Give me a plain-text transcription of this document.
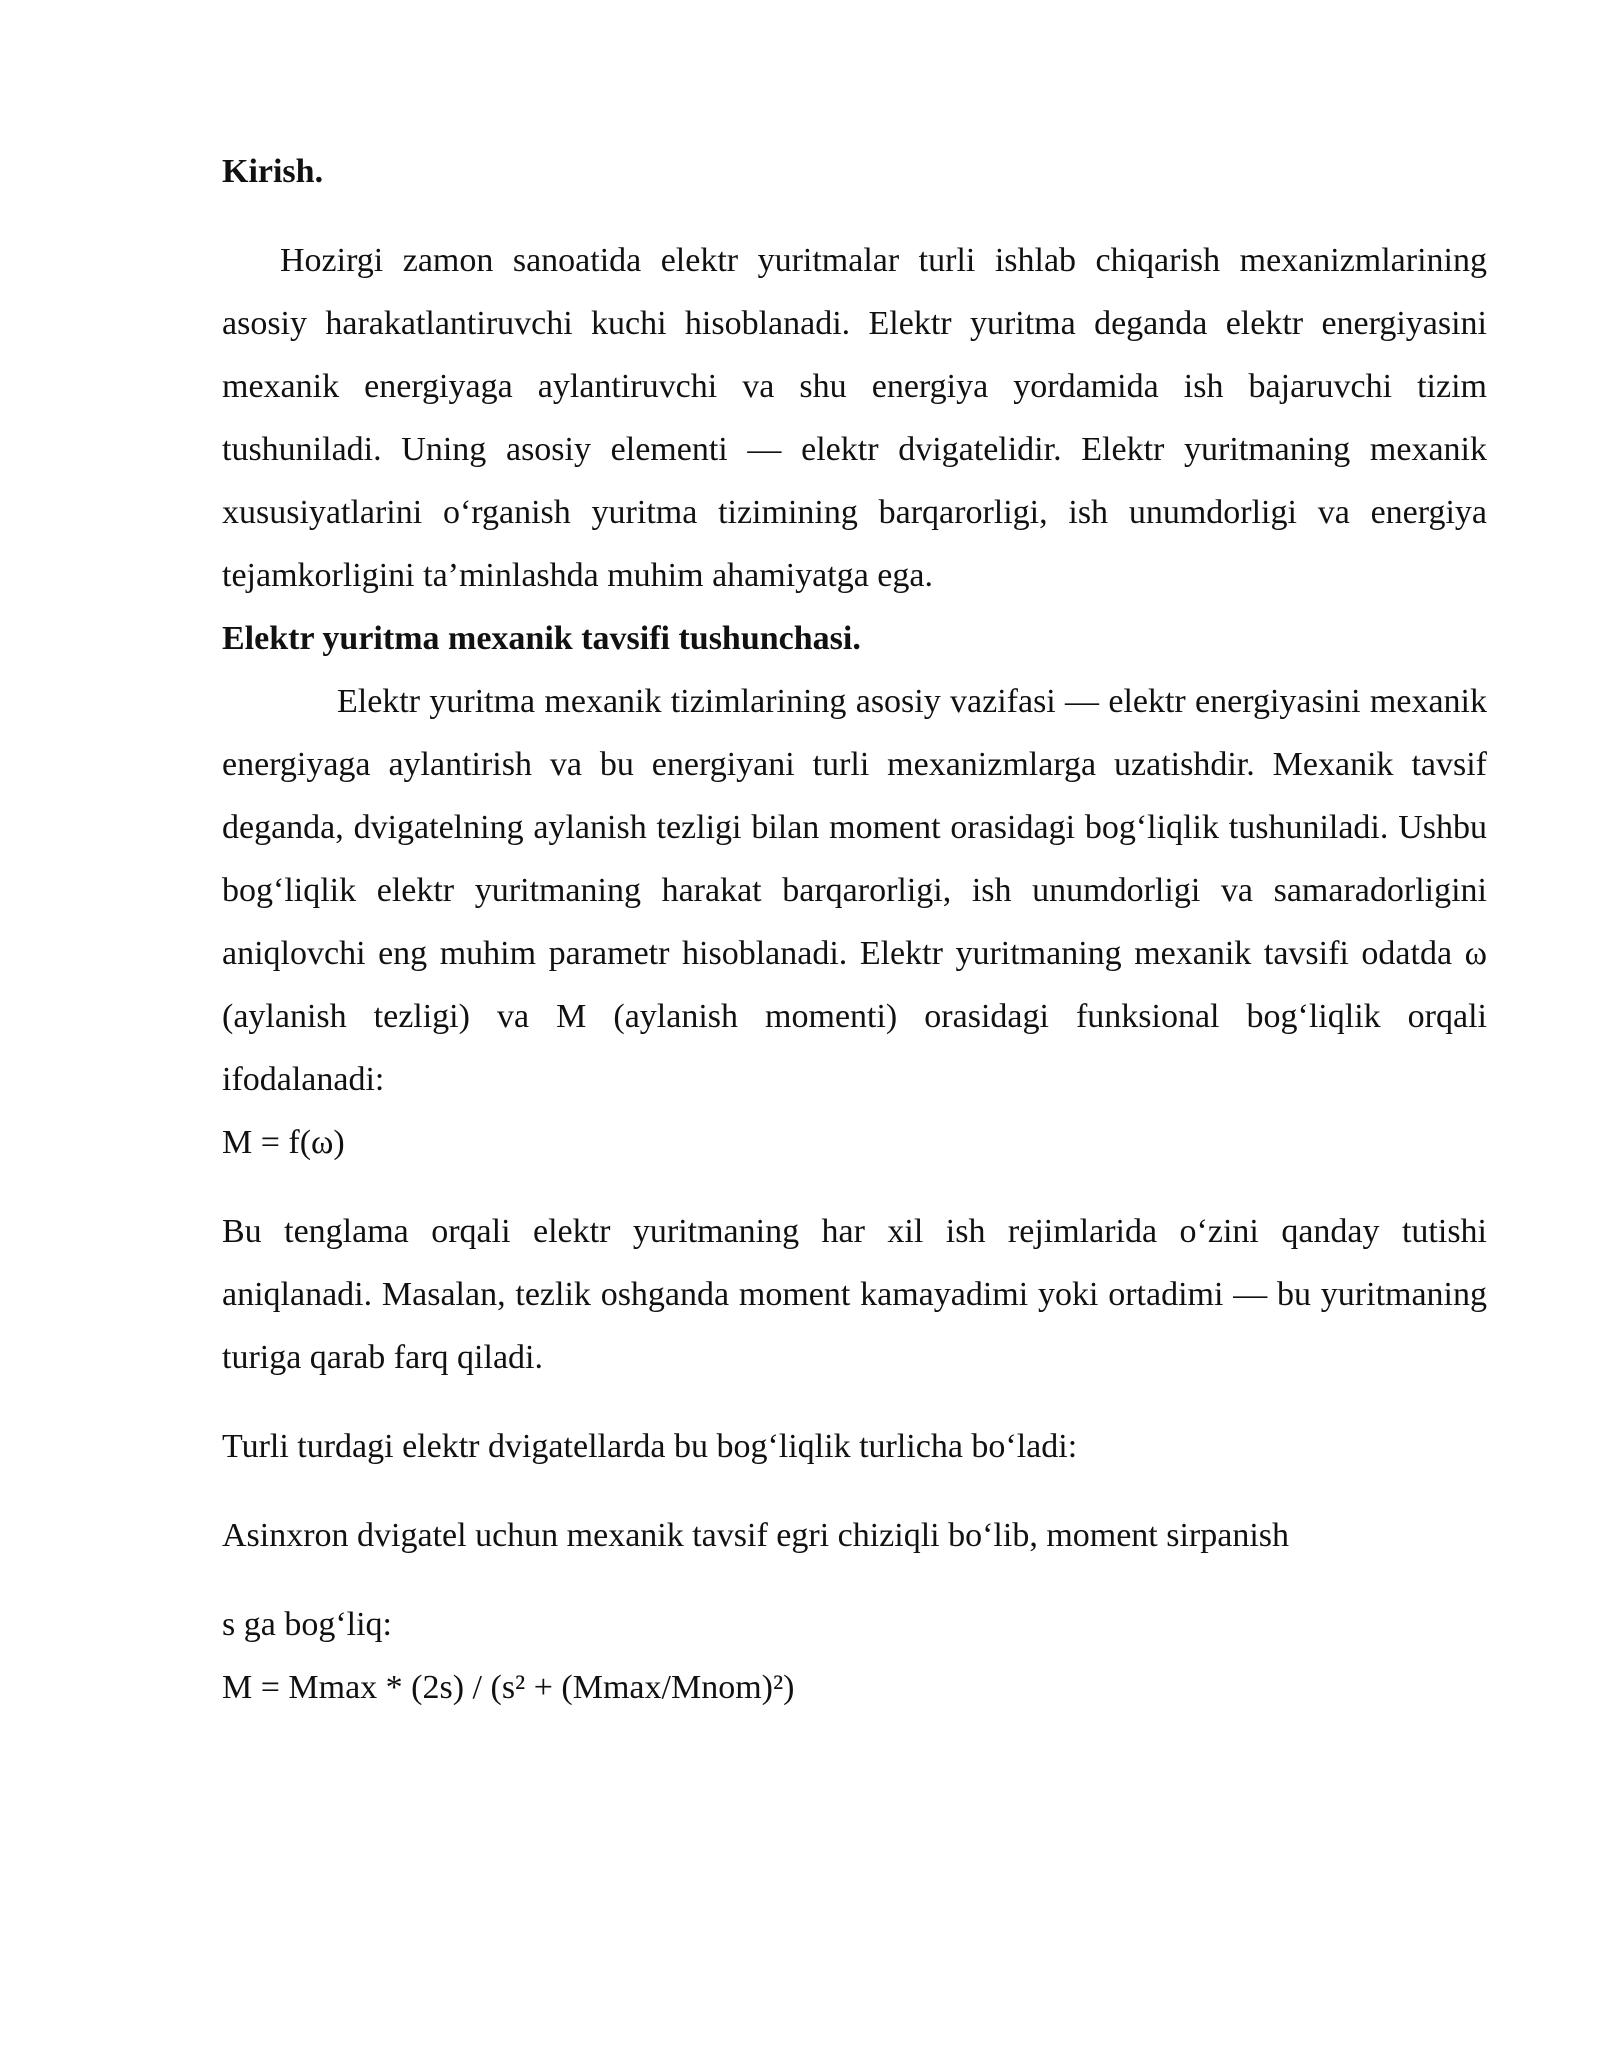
Kirish.

Hozirgi zamon sanoatida elektr yuritmalar turli ishlab chiqarish mexanizmlarining asosiy harakatlantiruvchi kuchi hisoblanadi. Elektr yuritma deganda elektr energiyasini mexanik energiyaga aylantiruvchi va shu energiya yordamida ish bajaruvchi tizim tushuniladi. Uning asosiy elementi — elektr dvigatelidir. Elektr yuritmaning mexanik xususiyatlarini o‘rganish yuritma tizimining barqarorligi, ish unumdorligi va energiya tejamkorligini ta’minlashda muhim ahamiyatga ega.
Elektr yuritma mexanik tavsifi tushunchasi.

Elektr yuritma mexanik tizimlarining asosiy vazifasi — elektr energiyasini mexanik energiyaga aylantirish va bu energiyani turli mexanizmlarga uzatishdir. Mexanik tavsif deganda, dvigatelning aylanish tezligi bilan moment orasidagi bog‘liqlik tushuniladi. Ushbu bog‘liqlik elektr yuritmaning harakat barqarorligi, ish unumdorligi va samaradorligini aniqlovchi eng muhim parametr hisoblanadi. Elektr yuritmaning mexanik tavsifi odatda ω (aylanish tezligi) va M (aylanish momenti) orasidagi funksional bog‘liqlik orqali ifodalanadi:

M = f(ω)

Bu tenglama orqali elektr yuritmaning har xil ish rejimlarida o‘zini qanday tutishi aniqlanadi. Masalan, tezlik oshganda moment kamayadimi yoki ortadimi — bu yuritmaning turiga qarab farq qiladi.

Turli turdagi elektr dvigatellarda bu bog‘liqlik turlicha bo‘ladi:

Asinxron dvigatel uchun mexanik tavsif egri chiziqli bo‘lib, moment sirpanish

s ga bog‘liq:

M = Mmax * (2s) / (s² + (Mmax/Mnom)²)
